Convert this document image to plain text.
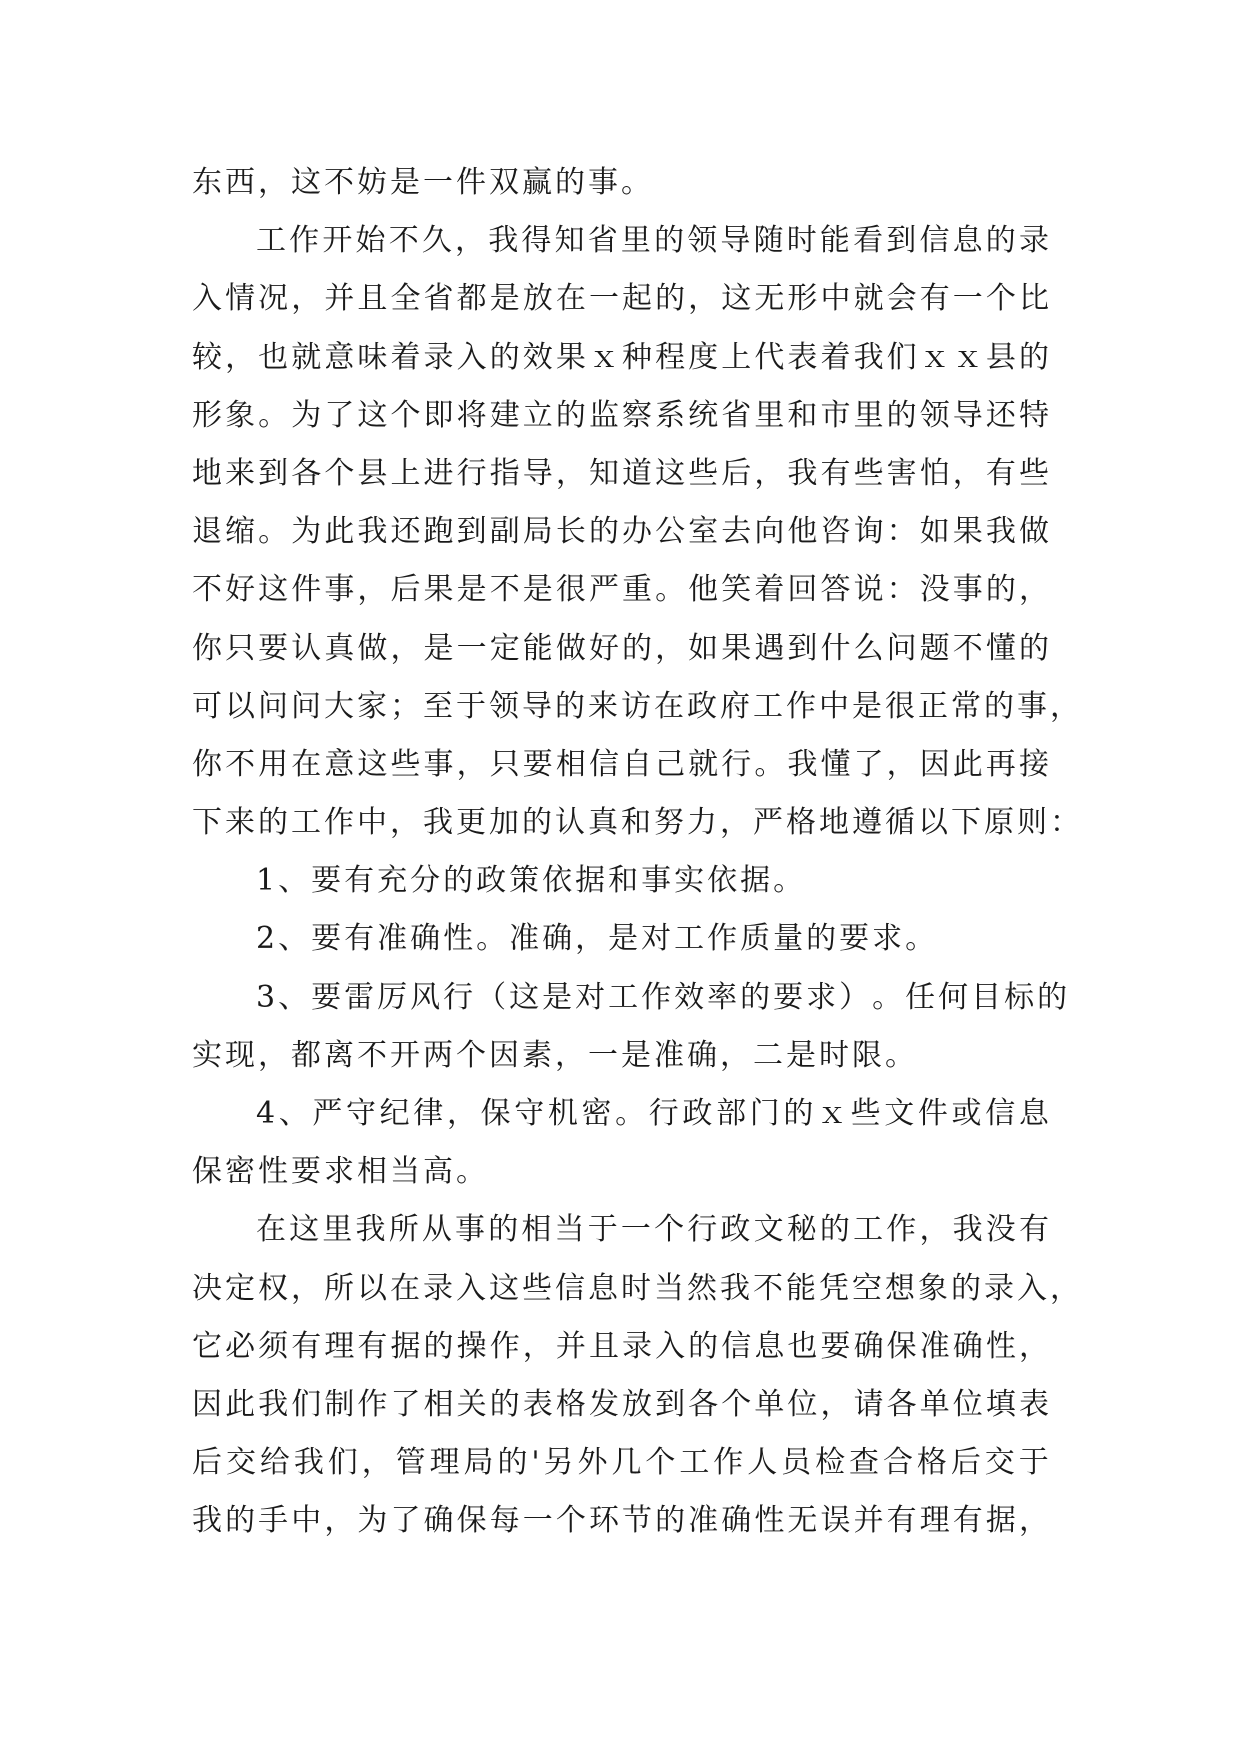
东西，这不妨是一件双赢的事。
工 作 开 始 不 久 ， 我 得 知 省 里 的 领 导 随 时 能 看 到 信 息 的 录
入 情 况 ， 并 且 全 省 都 是 放 在 一 起 的 ， 这 无 形 中 就 会 有 一 个 比
较 ， 也 就 意 味 着 录 入 的 效 果 ｘ 种 程 度 上 代 表 着 我 们 ｘ ｘ 县 的
形 象 。 为 了 这 个 即 将 建 立 的 监 察 系 统 省 里 和 市 里 的 领 导 还 特
地 来 到 各 个 县 上 进 行 指 导 ， 知 道 这 些 后 ， 我 有 些 害 怕 ， 有 些
退 缩 。 为 此 我 还 跑 到 副 局 长 的 办 公 室 去 向 他 咨 询 ： 如 果 我 做
不 好 这 件 事 ， 后 果 是 不 是 很 严 重 。 他 笑 着 回 答 说 ： 没 事 的 ，
你 只 要 认 真 做 ， 是 一 定 能 做 好 的 ， 如 果 遇 到 什 么 问 题 不 懂 的
可 以 问 问 大 家 ； 至 于 领 导 的 来 访 在 政 府 工 作 中 是 很 正 常 的 事 ，
你 不 用 在 意 这 些 事 ， 只 要 相 信 自 己 就 行 。 我 懂 了 ， 因 此 再 接
下来的工作中，我更加的认真和努力，严格地遵循以下原则：
1、要有充分的政策依据和事实依据。
2、要有准确性。准确，是对工作质量的要求。
3 、 要 雷 厉 风 行 （ 这 是 对 工 作 效 率 的 要 求 ） 。 任 何 目 标 的
实现，都离不开两个因素，一是准确，二是时限。
4 、 严 守 纪 律 ， 保 守 机 密 。 行 政 部 门 的 ｘ 些 文 件 或 信 息
保密性要求相当高。
在 这 里 我 所 从 事 的 相 当 于 一 个 行 政 文 秘 的 工 作 ， 我 没 有
决 定 权 ， 所 以 在 录 入 这 些 信 息 时 当 然 我 不 能 凭 空 想 象 的 录 入 ，
它 必 须 有 理 有 据 的 操 作 ， 并 且 录 入 的 信 息 也 要 确 保 准 确 性 ，
因 此 我 们 制 作 了 相 关 的 表 格 发 放 到 各 个 单 位 ， 请 各 单 位 填 表
后 交 给 我 们 ， 管 理 局 的 ' 另 外 几 个 工 作 人 员 检 查 合 格 后 交 于
我 的 手 中 ， 为 了 确 保 每 一 个 环 节 的 准 确 性 无 误 并 有 理 有 据 ，
